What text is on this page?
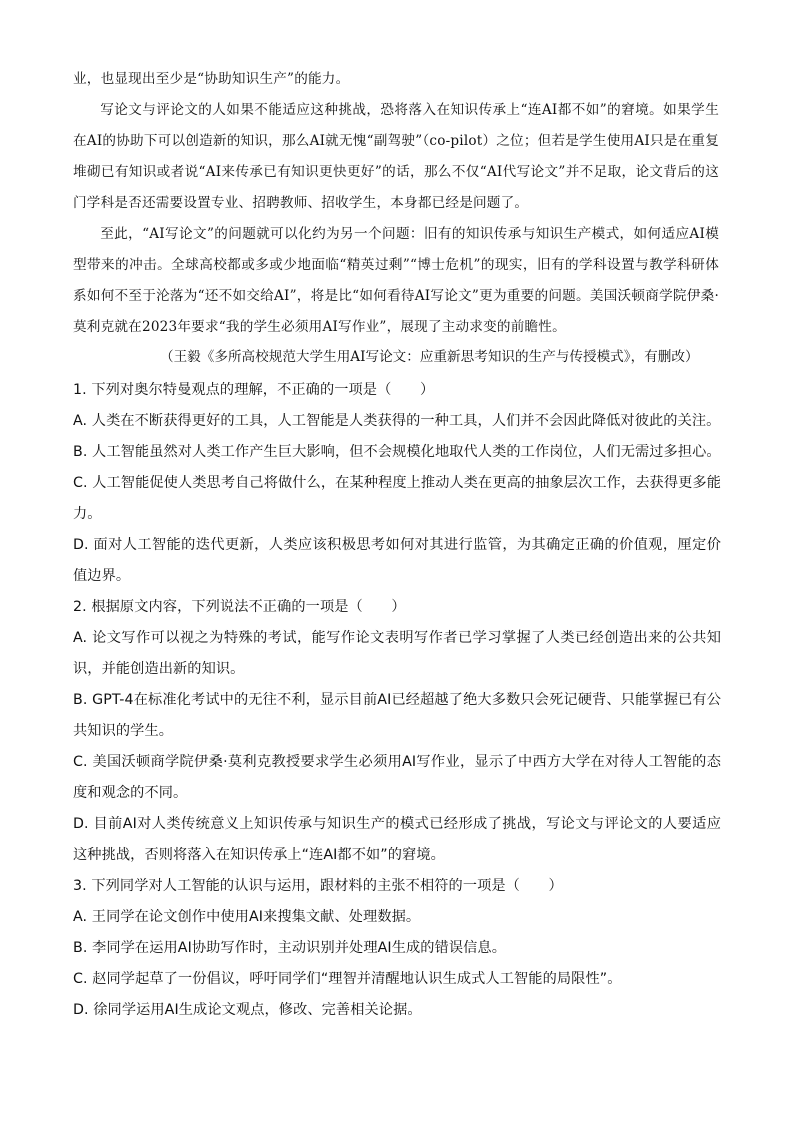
业，也显现出至少是“协助知识生产”的能力。

写论文与评论文的人如果不能适应这种挑战，恐将落入在知识传承上“连AI都不如”的窘境。如果学生在AI的协助下可以创造新的知识，那么AI就无愧“副驾驶”（co-pilot）之位；但若是学生使用AI只是在重复堆砌已有知识或者说“AI来传承已有知识更快更好”的话，那么不仅“AI代写论文”并不足取，论文背后的这门学科是否还需要设置专业、招聘教师、招收学生，本身都已经是问题了。

至此，“AI写论文”的问题就可以化约为另一个问题：旧有的知识传承与知识生产模式，如何适应AI模型带来的冲击。全球高校都或多或少地面临“精英过剩”“博士危机”的现实，旧有的学科设置与教学科研体系如何不至于沦落为“还不如交给AI”，将是比“如何看待AI写论文”更为重要的问题。美国沃顿商学院伊桑·莫利克就在2023年要求“我的学生必须用AI写作业”，展现了主动求变的前瞻性。

（王毅《多所高校规范大学生用AI写论文：应重新思考知识的生产与传授模式》，有删改）

1. 下列对奥尔特曼观点的理解，不正确的一项是（　　）

A. 人类在不断获得更好的工具，人工智能是人类获得的一种工具，人们并不会因此降低对彼此的关注。

B. 人工智能虽然对人类工作产生巨大影响，但不会规模化地取代人类的工作岗位，人们无需过多担心。

C. 人工智能促使人类思考自己将做什么，在某种程度上推动人类在更高的抽象层次工作，去获得更多能力。

D. 面对人工智能的迭代更新，人类应该积极思考如何对其进行监管，为其确定正确的价值观，厘定价值边界。

2. 根据原文内容，下列说法不正确的一项是（　　）

A. 论文写作可以视之为特殊的考试，能写作论文表明写作者已学习掌握了人类已经创造出来的公共知识，并能创造出新的知识。

B. GPT-4在标准化考试中的无往不利，显示目前AI已经超越了绝大多数只会死记硬背、只能掌握已有公共知识的学生。

C. 美国沃顿商学院伊桑·莫利克教授要求学生必须用AI写作业，显示了中西方大学在对待人工智能的态度和观念的不同。

D. 目前AI对人类传统意义上知识传承与知识生产的模式已经形成了挑战，写论文与评论文的人要适应这种挑战，否则将落入在知识传承上“连AI都不如”的窘境。

3. 下列同学对人工智能的认识与运用，跟材料的主张不相符的一项是（　　）

A. 王同学在论文创作中使用AI来搜集文献、处理数据。

B. 李同学在运用AI协助写作时，主动识别并处理AI生成的错误信息。

C. 赵同学起草了一份倡议，呼吁同学们“理智并清醒地认识生成式人工智能的局限性”。

D. 徐同学运用AI生成论文观点，修改、完善相关论据。
